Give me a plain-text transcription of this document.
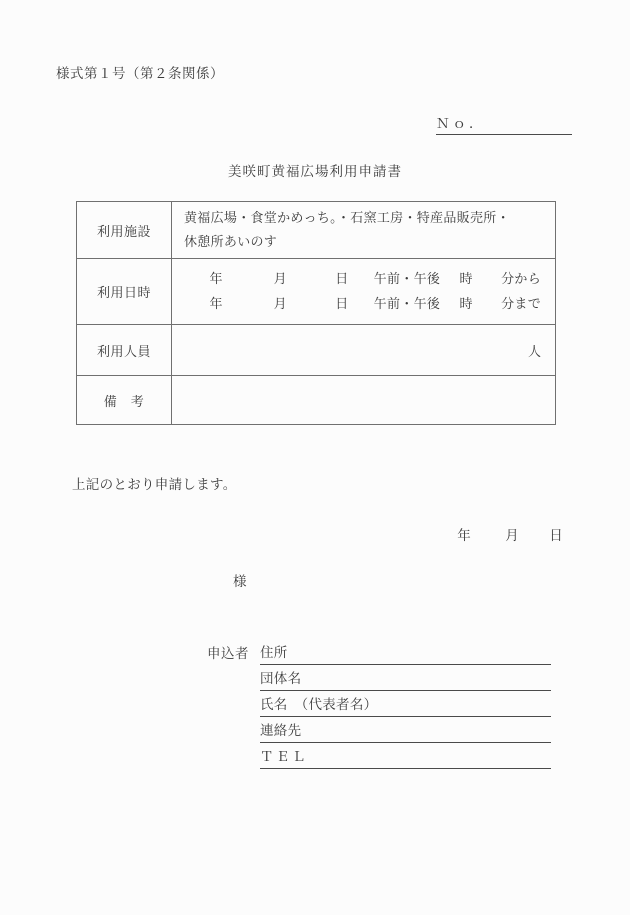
様式第１号（第２条関係）
Ｎｏ．
美咲町黄福広場利用申請書
利用施設	黄福広場・食堂かめっち。・石窯工房・特産品販売所・
休憩所あいのす

利用日時	
年	月	日	午前・午後	時	分から
年	月	日	午前・午後	時	分まで

利用人員	人

備　考	
上記のとおり申請します。
年	月	日
様
申込者 住所
団体名
氏名　（代表者名）
連絡先
ＴＥＬ
